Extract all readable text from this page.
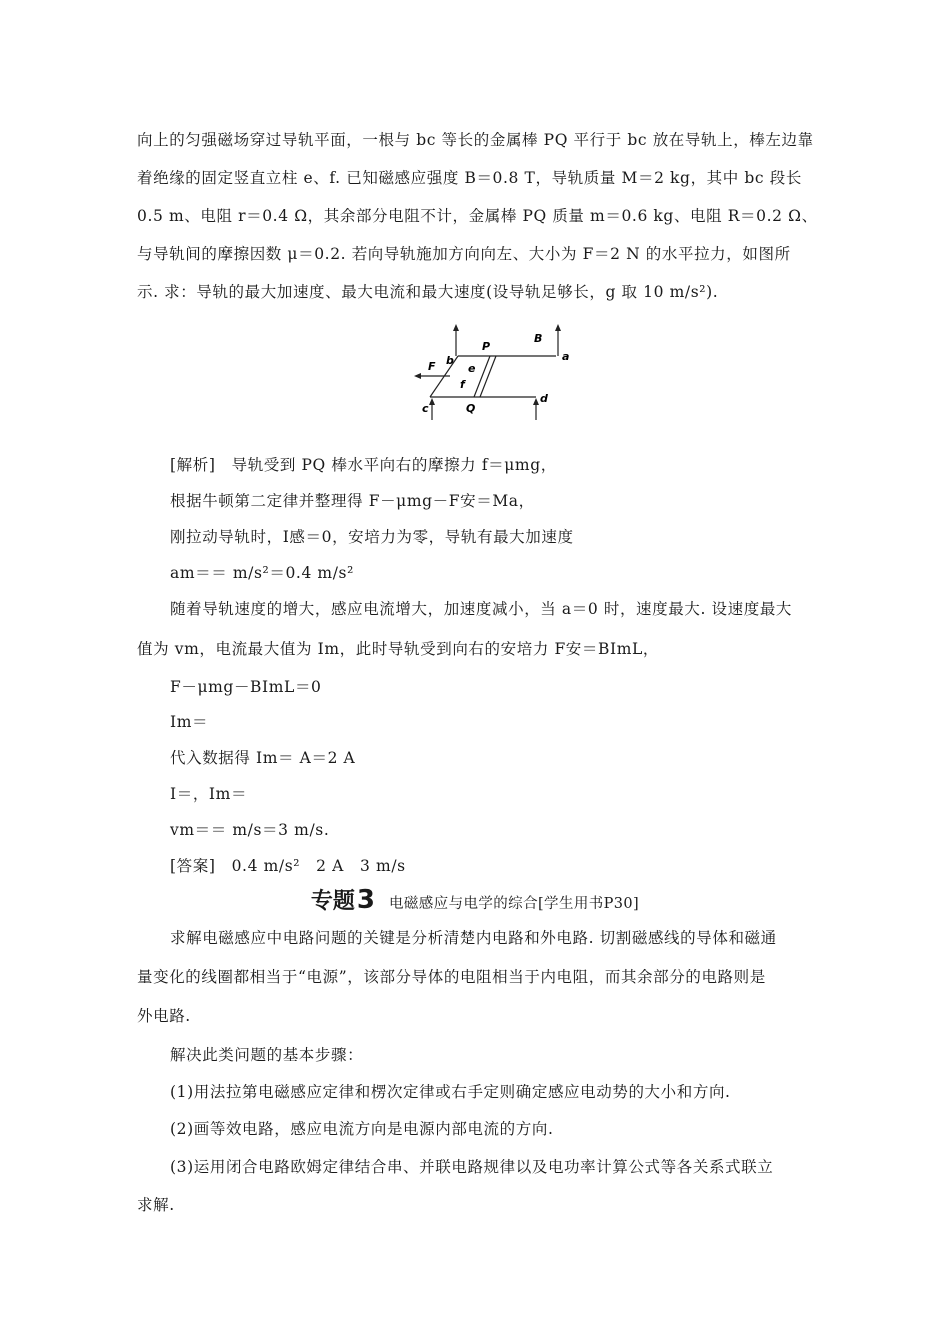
向上的匀强磁场穿过导轨平面，一根与 bc 等长的金属棒 PQ 平行于 bc 放在导轨上，棒左边靠
着绝缘的固定竖直立柱 e、f. 已知磁感应强度 B＝0.8 T，导轨质量 M＝2 kg，其中 bc 段长
0.5 m、电阻 r＝0.4 Ω，其余部分电阻不计，金属棒 PQ 质量 m＝0.6 kg、电阻 R＝0.2 Ω、
与导轨间的摩擦因数 μ＝0.2. 若向导轨施加方向向左、大小为 F＝2 N 的水平拉力，如图所
示. 求：导轨的最大加速度、最大电流和最大速度(设导轨足够长，g 取 10 m/s²).
B
P
a
F b
e
f
Q
c
d
[解析]　导轨受到 PQ 棒水平向右的摩擦力 f＝μmg，
根据牛顿第二定律并整理得 F－μmg－F安＝Ma，
刚拉动导轨时，I感＝0，安培力为零，导轨有最大加速度
am＝＝ m/s²＝0.4 m/s²
随着导轨速度的增大，感应电流增大，加速度减小，当 a＝0 时，速度最大. 设速度最大
值为 vm，电流最大值为 Im，此时导轨受到向右的安培力 F安＝BImL，
F－μmg－BImL＝0
Im＝
代入数据得 Im＝ A＝2 A
I＝，Im＝
vm＝＝ m/s＝3 m/s.
[答案]　0.4 m/s²　2 A　3 m/s
专题3 电磁感应与电学的综合[学生用书P30]
求解电磁感应中电路问题的关键是分析清楚内电路和外电路. 切割磁感线的导体和磁通
量变化的线圈都相当于“电源”，该部分导体的电阻相当于内电阻，而其余部分的电路则是
外电路.
解决此类问题的基本步骤：
(1)用法拉第电磁感应定律和楞次定律或右手定则确定感应电动势的大小和方向.
(2)画等效电路，感应电流方向是电源内部电流的方向.
(3)运用闭合电路欧姆定律结合串、并联电路规律以及电功率计算公式等各关系式联立
求解.
